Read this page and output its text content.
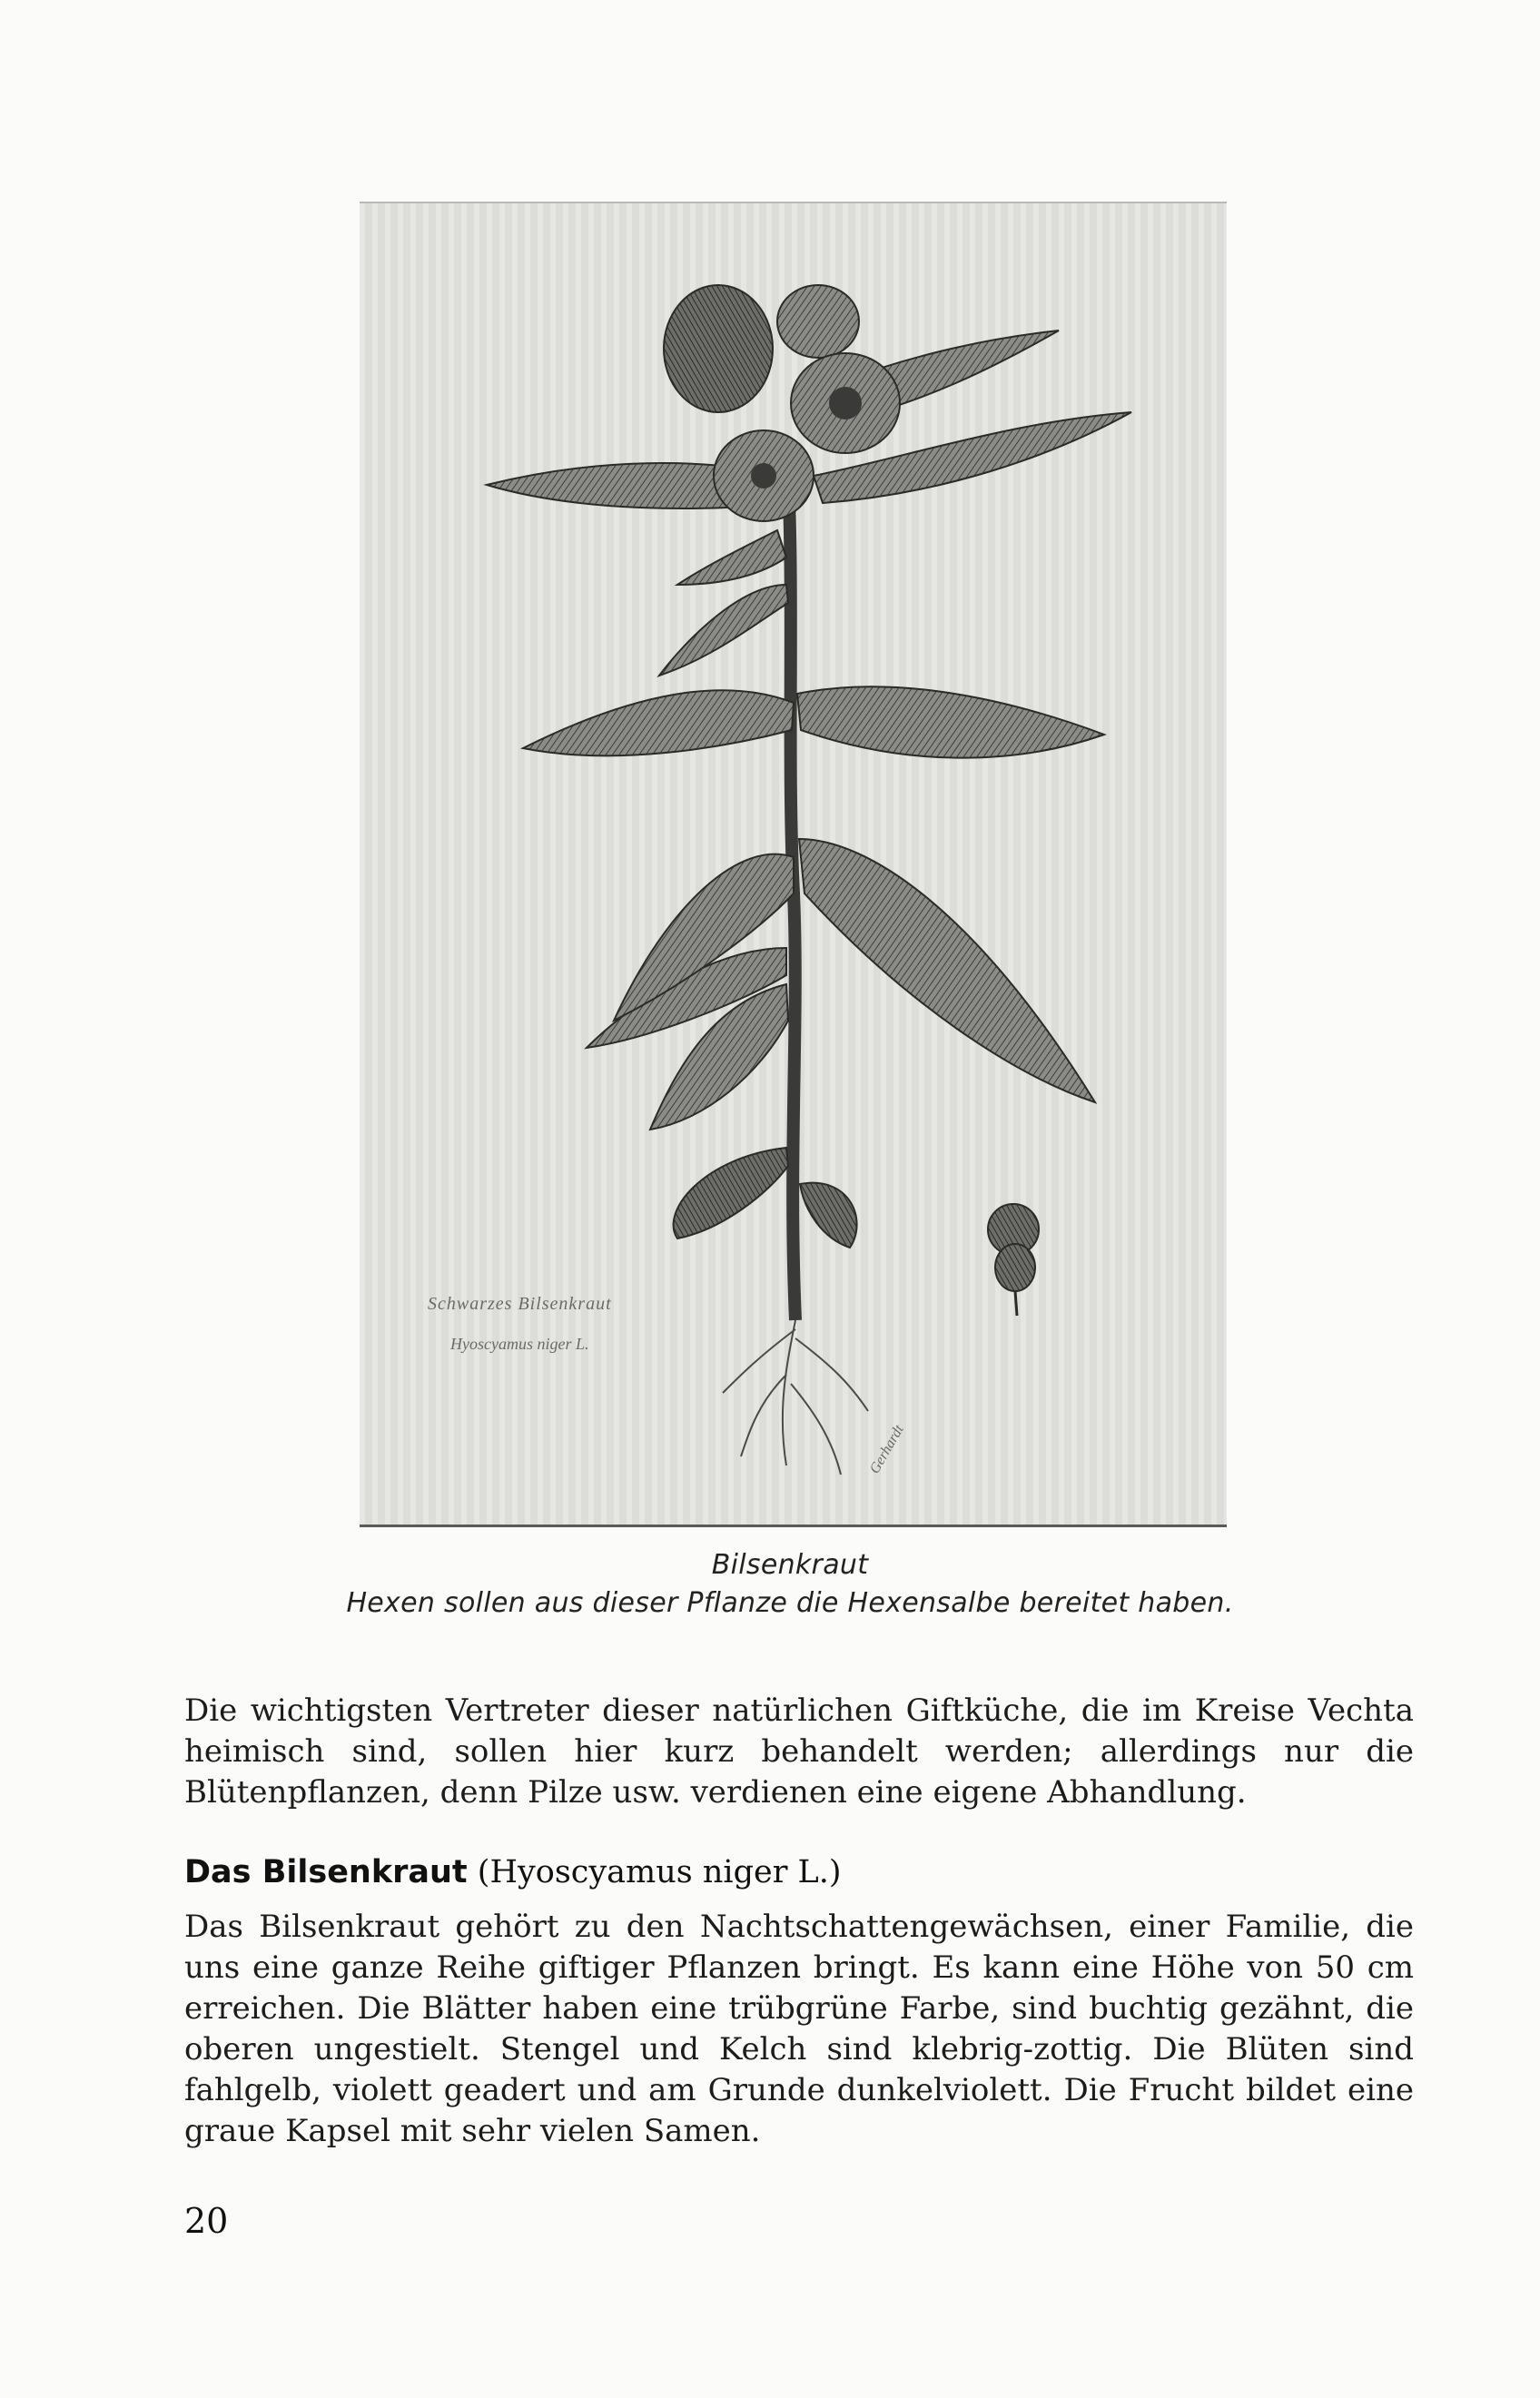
Schwarzes Bilsenkraut
Hyoscyamus niger L.
Gerhardt
Bilsenkraut
Hexen sollen aus dieser Pflanze die Hexensalbe bereitet haben.

Die wichtigsten Vertreter dieser natürlichen Giftküche, die im Kreise Vechta heimisch sind, sollen hier kurz behandelt werden; allerdings nur die Blütenpflanzen, denn Pilze usw. verdienen eine eigene Abhandlung.

Das Bilsenkraut (Hyoscyamus niger L.)

Das Bilsenkraut gehört zu den Nachtschattengewächsen, einer Familie, die uns eine ganze Reihe giftiger Pflanzen bringt. Es kann eine Höhe von 50 cm erreichen. Die Blätter haben eine trübgrüne Farbe, sind buchtig gezähnt, die oberen ungestielt. Stengel und Kelch sind klebrig-zottig. Die Blüten sind fahlgelb, violett geadert und am Grunde dunkelviolett. Die Frucht bildet eine graue Kapsel mit sehr vielen Samen.

20
